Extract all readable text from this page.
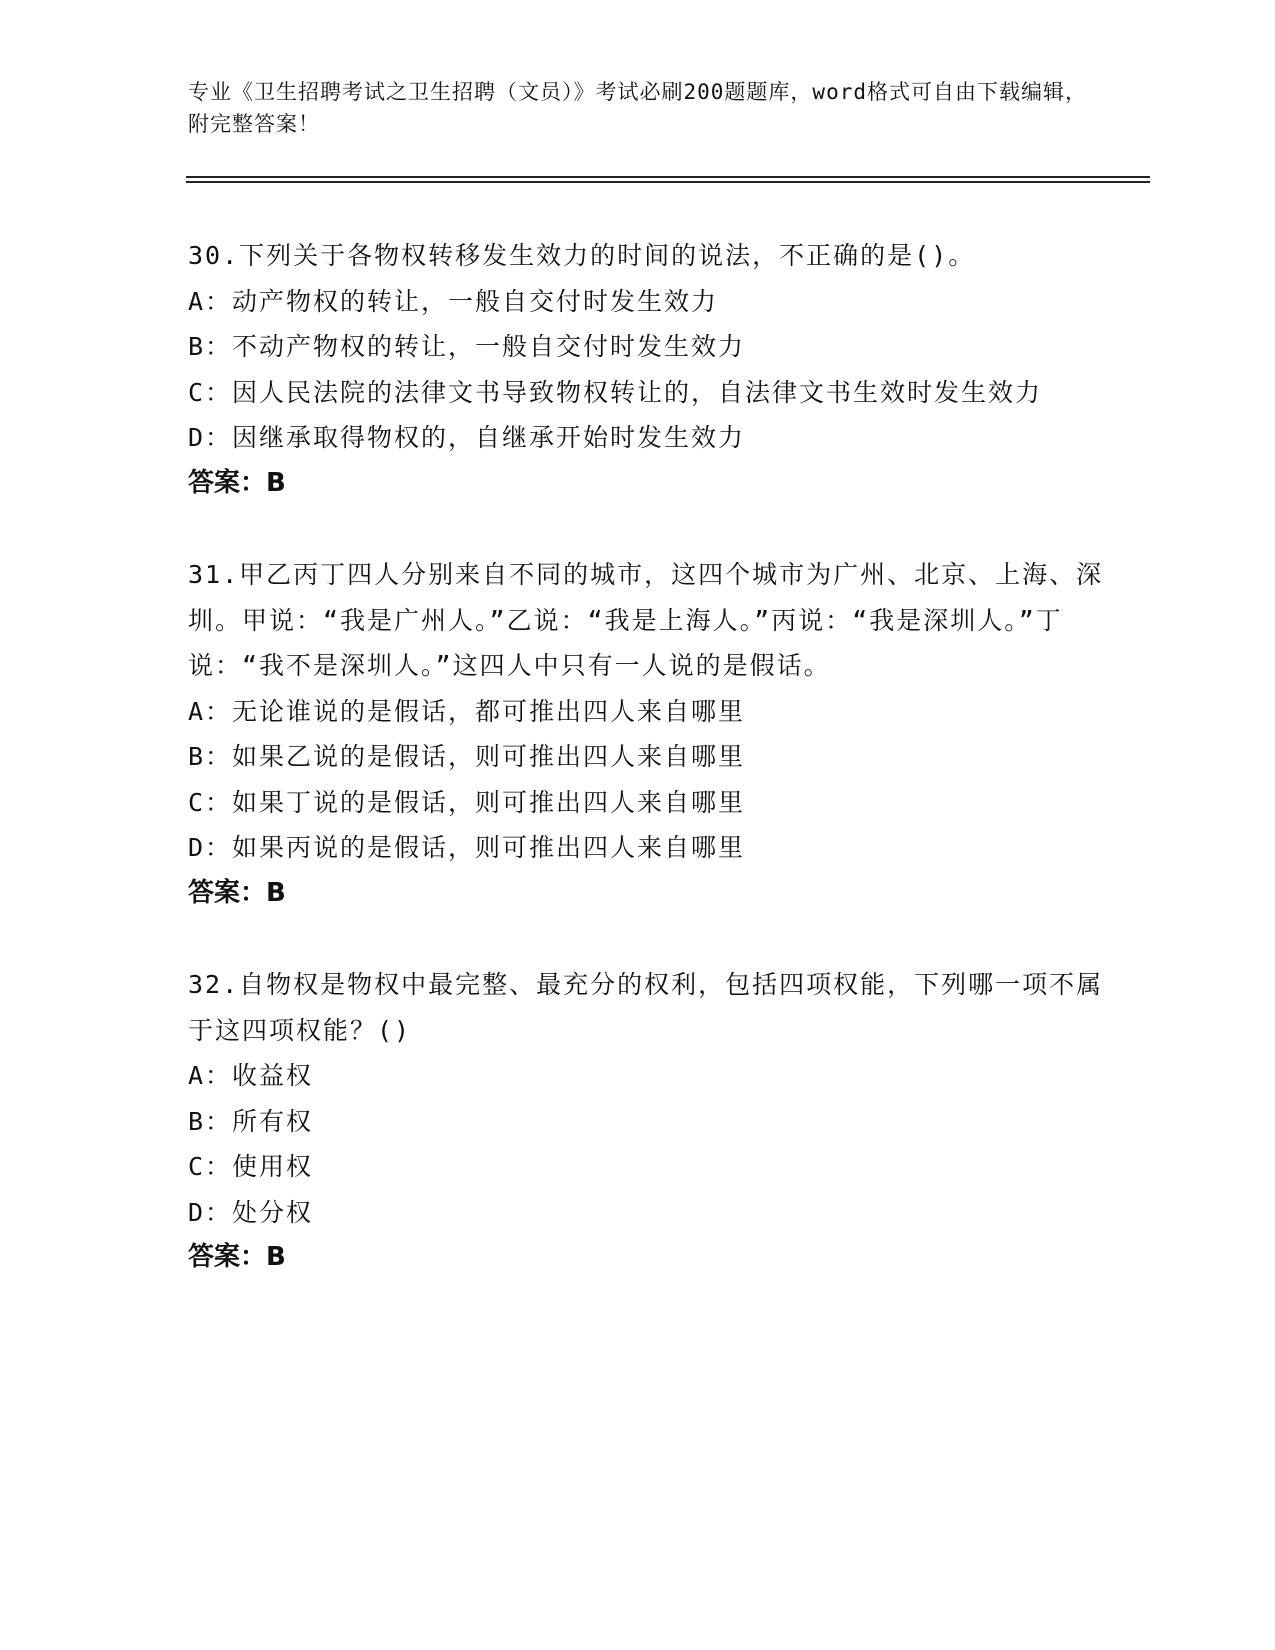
专业《卫生招聘考试之卫生招聘（文员）》考试必刷200题题库，word格式可自由下载编辑，附完整答案！

30.下列关于各物权转移发生效力的时间的说法，不正确的是()。

A：动产物权的转让，一般自交付时发生效力

B：不动产物权的转让，一般自交付时发生效力

C：因人民法院的法律文书导致物权转让的，自法律文书生效时发生效力

D：因继承取得物权的，自继承开始时发生效力

答案：B

31.甲乙丙丁四人分别来自不同的城市，这四个城市为广州、北京、上海、深圳。甲说：“我是广州人。”乙说：“我是上海人。”丙说：“我是深圳人。”丁说：“我不是深圳人。”这四人中只有一人说的是假话。

A：无论谁说的是假话，都可推出四人来自哪里

B：如果乙说的是假话，则可推出四人来自哪里

C：如果丁说的是假话，则可推出四人来自哪里

D：如果丙说的是假话，则可推出四人来自哪里

答案：B

32.自物权是物权中最完整、最充分的权利，包括四项权能，下列哪一项不属于这四项权能？()

A：收益权

B：所有权

C：使用权

D：处分权

答案：B
